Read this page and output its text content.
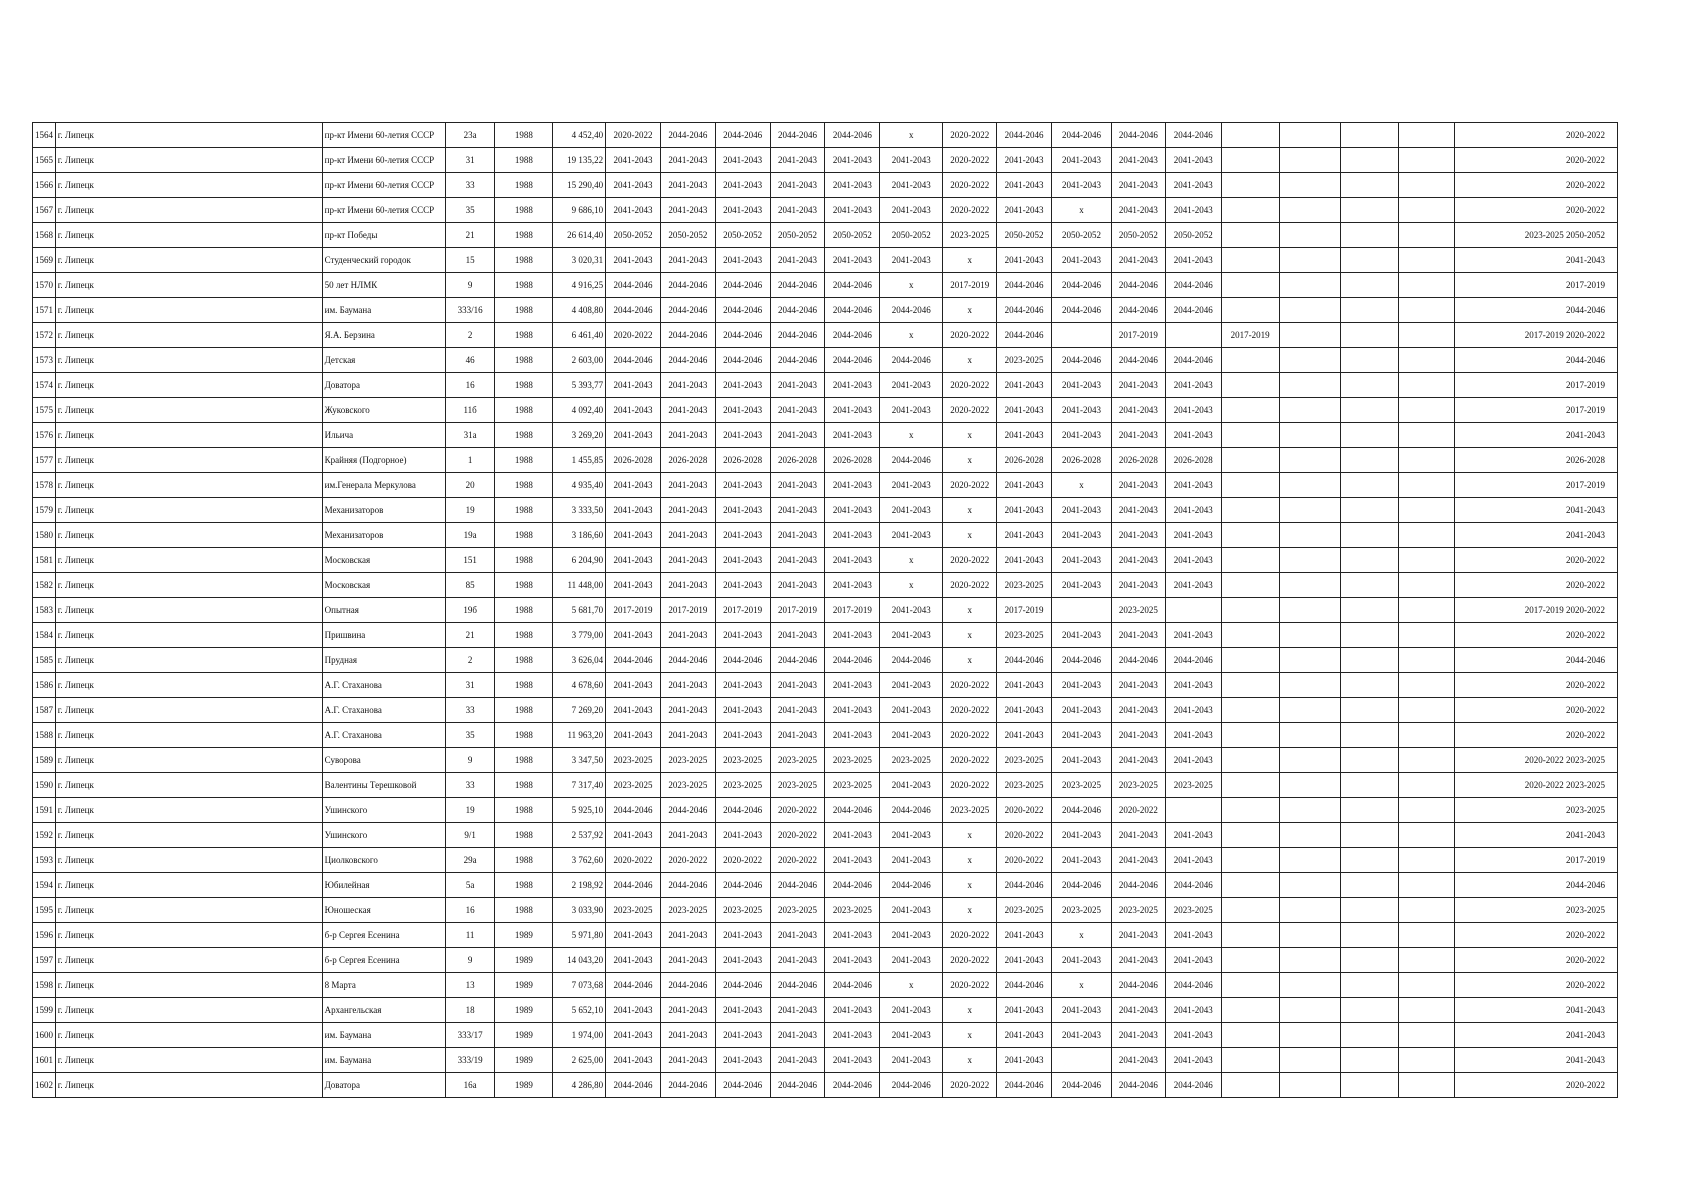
1564	г. Липецк	пр-кт Имени 60-летия СССР	23а	1988	4 452,40	2020-2022	2044-2046	2044-2046	2044-2046	2044-2046	х	2020-2022	2044-2046	2044-2046	2044-2046	2044-2046					2020-2022
1565	г. Липецк	пр-кт Имени 60-летия СССР	31	1988	19 135,22	2041-2043	2041-2043	2041-2043	2041-2043	2041-2043	2041-2043	2020-2022	2041-2043	2041-2043	2041-2043	2041-2043					2020-2022
1566	г. Липецк	пр-кт Имени 60-летия СССР	33	1988	15 290,40	2041-2043	2041-2043	2041-2043	2041-2043	2041-2043	2041-2043	2020-2022	2041-2043	2041-2043	2041-2043	2041-2043					2020-2022
1567	г. Липецк	пр-кт Имени 60-летия СССР	35	1988	9 686,10	2041-2043	2041-2043	2041-2043	2041-2043	2041-2043	2041-2043	2020-2022	2041-2043	х	2041-2043	2041-2043					2020-2022
1568	г. Липецк	пр-кт Победы	21	1988	26 614,40	2050-2052	2050-2052	2050-2052	2050-2052	2050-2052	2050-2052	2023-2025	2050-2052	2050-2052	2050-2052	2050-2052					2023-2025 2050-2052
1569	г. Липецк	Студенческий городок	15	1988	3 020,31	2041-2043	2041-2043	2041-2043	2041-2043	2041-2043	2041-2043	х	2041-2043	2041-2043	2041-2043	2041-2043					2041-2043
1570	г. Липецк	50 лет НЛМК	9	1988	4 916,25	2044-2046	2044-2046	2044-2046	2044-2046	2044-2046	х	2017-2019	2044-2046	2044-2046	2044-2046	2044-2046					2017-2019
1571	г. Липецк	им. Баумана	333/16	1988	4 408,80	2044-2046	2044-2046	2044-2046	2044-2046	2044-2046	2044-2046	х	2044-2046	2044-2046	2044-2046	2044-2046					2044-2046
1572	г. Липецк	Я.А. Берзина	2	1988	6 461,40	2020-2022	2044-2046	2044-2046	2044-2046	2044-2046	х	2020-2022	2044-2046		2017-2019		2017-2019				2017-2019 2020-2022
1573	г. Липецк	Детская	46	1988	2 603,00	2044-2046	2044-2046	2044-2046	2044-2046	2044-2046	2044-2046	х	2023-2025	2044-2046	2044-2046	2044-2046					2044-2046
1574	г. Липецк	Доватора	16	1988	5 393,77	2041-2043	2041-2043	2041-2043	2041-2043	2041-2043	2041-2043	2020-2022	2041-2043	2041-2043	2041-2043	2041-2043					2017-2019
1575	г. Липецк	Жуковского	11б	1988	4 092,40	2041-2043	2041-2043	2041-2043	2041-2043	2041-2043	2041-2043	2020-2022	2041-2043	2041-2043	2041-2043	2041-2043					2017-2019
1576	г. Липецк	Ильича	31а	1988	3 269,20	2041-2043	2041-2043	2041-2043	2041-2043	2041-2043	х	х	2041-2043	2041-2043	2041-2043	2041-2043					2041-2043
1577	г. Липецк	Крайняя (Подгорное)	1	1988	1 455,85	2026-2028	2026-2028	2026-2028	2026-2028	2026-2028	2044-2046	х	2026-2028	2026-2028	2026-2028	2026-2028					2026-2028
1578	г. Липецк	им.Генерала Меркулова	20	1988	4 935,40	2041-2043	2041-2043	2041-2043	2041-2043	2041-2043	2041-2043	2020-2022	2041-2043	х	2041-2043	2041-2043					2017-2019
1579	г. Липецк	Механизаторов	19	1988	3 333,50	2041-2043	2041-2043	2041-2043	2041-2043	2041-2043	2041-2043	х	2041-2043	2041-2043	2041-2043	2041-2043					2041-2043
1580	г. Липецк	Механизаторов	19а	1988	3 186,60	2041-2043	2041-2043	2041-2043	2041-2043	2041-2043	2041-2043	х	2041-2043	2041-2043	2041-2043	2041-2043					2041-2043
1581	г. Липецк	Московская	151	1988	6 204,90	2041-2043	2041-2043	2041-2043	2041-2043	2041-2043	х	2020-2022	2041-2043	2041-2043	2041-2043	2041-2043					2020-2022
1582	г. Липецк	Московская	85	1988	11 448,00	2041-2043	2041-2043	2041-2043	2041-2043	2041-2043	х	2020-2022	2023-2025	2041-2043	2041-2043	2041-2043					2020-2022
1583	г. Липецк	Опытная	19б	1988	5 681,70	2017-2019	2017-2019	2017-2019	2017-2019	2017-2019	2041-2043	х	2017-2019		2023-2025						2017-2019 2020-2022
1584	г. Липецк	Пришвина	21	1988	3 779,00	2041-2043	2041-2043	2041-2043	2041-2043	2041-2043	2041-2043	х	2023-2025	2041-2043	2041-2043	2041-2043					2020-2022
1585	г. Липецк	Прудная	2	1988	3 626,04	2044-2046	2044-2046	2044-2046	2044-2046	2044-2046	2044-2046	х	2044-2046	2044-2046	2044-2046	2044-2046					2044-2046
1586	г. Липецк	А.Г. Стаханова	31	1988	4 678,60	2041-2043	2041-2043	2041-2043	2041-2043	2041-2043	2041-2043	2020-2022	2041-2043	2041-2043	2041-2043	2041-2043					2020-2022
1587	г. Липецк	А.Г. Стаханова	33	1988	7 269,20	2041-2043	2041-2043	2041-2043	2041-2043	2041-2043	2041-2043	2020-2022	2041-2043	2041-2043	2041-2043	2041-2043					2020-2022
1588	г. Липецк	А.Г. Стаханова	35	1988	11 963,20	2041-2043	2041-2043	2041-2043	2041-2043	2041-2043	2041-2043	2020-2022	2041-2043	2041-2043	2041-2043	2041-2043					2020-2022
1589	г. Липецк	Суворова	9	1988	3 347,50	2023-2025	2023-2025	2023-2025	2023-2025	2023-2025	2023-2025	2020-2022	2023-2025	2041-2043	2041-2043	2041-2043					2020-2022 2023-2025
1590	г. Липецк	Валентины Терешковой	33	1988	7 317,40	2023-2025	2023-2025	2023-2025	2023-2025	2023-2025	2041-2043	2020-2022	2023-2025	2023-2025	2023-2025	2023-2025					2020-2022 2023-2025
1591	г. Липецк	Ушинского	19	1988	5 925,10	2044-2046	2044-2046	2044-2046	2020-2022	2044-2046	2044-2046	2023-2025	2020-2022	2044-2046	2020-2022						2023-2025
1592	г. Липецк	Ушинского	9/1	1988	2 537,92	2041-2043	2041-2043	2041-2043	2020-2022	2041-2043	2041-2043	х	2020-2022	2041-2043	2041-2043	2041-2043					2041-2043
1593	г. Липецк	Циолковского	29а	1988	3 762,60	2020-2022	2020-2022	2020-2022	2020-2022	2041-2043	2041-2043	х	2020-2022	2041-2043	2041-2043	2041-2043					2017-2019
1594	г. Липецк	Юбилейная	5а	1988	2 198,92	2044-2046	2044-2046	2044-2046	2044-2046	2044-2046	2044-2046	х	2044-2046	2044-2046	2044-2046	2044-2046					2044-2046
1595	г. Липецк	Юношеская	16	1988	3 033,90	2023-2025	2023-2025	2023-2025	2023-2025	2023-2025	2041-2043	х	2023-2025	2023-2025	2023-2025	2023-2025					2023-2025
1596	г. Липецк	б-р Сергея Есенина	11	1989	5 971,80	2041-2043	2041-2043	2041-2043	2041-2043	2041-2043	2041-2043	2020-2022	2041-2043	х	2041-2043	2041-2043					2020-2022
1597	г. Липецк	б-р Сергея Есенина	9	1989	14 043,20	2041-2043	2041-2043	2041-2043	2041-2043	2041-2043	2041-2043	2020-2022	2041-2043	2041-2043	2041-2043	2041-2043					2020-2022
1598	г. Липецк	8 Марта	13	1989	7 073,68	2044-2046	2044-2046	2044-2046	2044-2046	2044-2046	х	2020-2022	2044-2046	х	2044-2046	2044-2046					2020-2022
1599	г. Липецк	Архангельская	18	1989	5 652,10	2041-2043	2041-2043	2041-2043	2041-2043	2041-2043	2041-2043	х	2041-2043	2041-2043	2041-2043	2041-2043					2041-2043
1600	г. Липецк	им. Баумана	333/17	1989	1 974,00	2041-2043	2041-2043	2041-2043	2041-2043	2041-2043	2041-2043	х	2041-2043	2041-2043	2041-2043	2041-2043					2041-2043
1601	г. Липецк	им. Баумана	333/19	1989	2 625,00	2041-2043	2041-2043	2041-2043	2041-2043	2041-2043	2041-2043	х	2041-2043		2041-2043	2041-2043					2041-2043
1602	г. Липецк	Доватора	16а	1989	4 286,80	2044-2046	2044-2046	2044-2046	2044-2046	2044-2046	2044-2046	2020-2022	2044-2046	2044-2046	2044-2046	2044-2046					2020-2022
